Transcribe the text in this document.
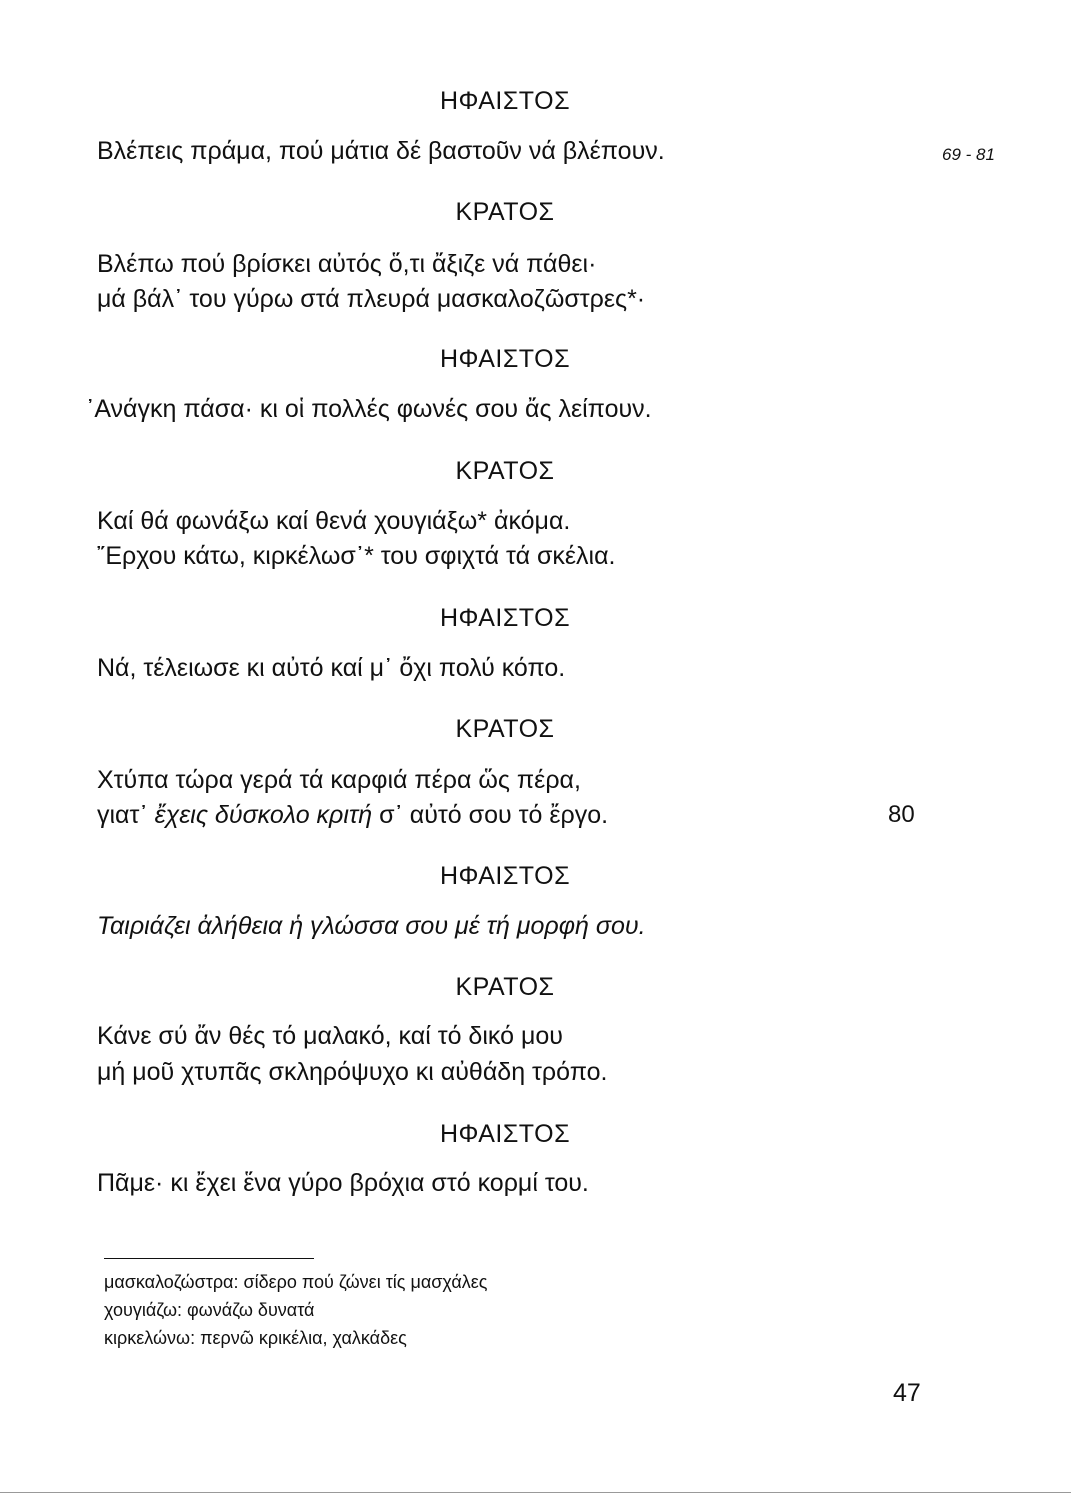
ΗΦΑΙΣΤΟΣ
Βλέπεις πράμα, πού μάτια δέ βαστοῦν νά βλέπουν.	69 - 81
ΚΡΑΤΟΣ
Βλέπω πού βρίσκει αὐτός ὅ,τι ἄξιζε νά πάθει·
μά βάλ᾽ του γύρω στά πλευρά μασκαλοζῶστρες*·
ΗΦΑΙΣΤΟΣ
᾽Ανάγκη πάσα· κι οἱ πολλές φωνές σου ἄς λείπουν.
ΚΡΑΤΟΣ
Καί θά φωνάξω καί θενά χουγιάξω* ἀκόμα.
῎Ερχου κάτω, κιρκέλωσ᾽* του σφιχτά τά σκέλια.
ΗΦΑΙΣΤΟΣ
Νά, τέλειωσε κι αὐτό καί μ᾽ ὄχι πολύ κόπο.
ΚΡΑΤΟΣ
Χτύπα τώρα γερά τά καρφιά πέρα ὥς πέρα,
γιατ᾽ ἔχεις δύσκολο κριτή σ᾽ αὐτό σου τό ἔργο.	80
ΗΦΑΙΣΤΟΣ
Ταιριάζει ἀλήθεια ἡ γλώσσα σου μέ τή μορφή σου.
ΚΡΑΤΟΣ
Κάνε σύ ἄν θές τό μαλακό, καί τό δικό μου
μή μοῦ χτυπᾶς σκληρόψυχο κι αὐθάδη τρόπο.
ΗΦΑΙΣΤΟΣ
Πᾶμε· κι ἔχει ἕνα γύρο βρόχια στό κορμί του.
μασκαλοζώστρα: σίδερο πού ζώνει τίς μασχάλες
χουγιάζω: φωνάζω δυνατά
κιρκελώνω: περνῶ κρικέλια, χαλκάδες
47
